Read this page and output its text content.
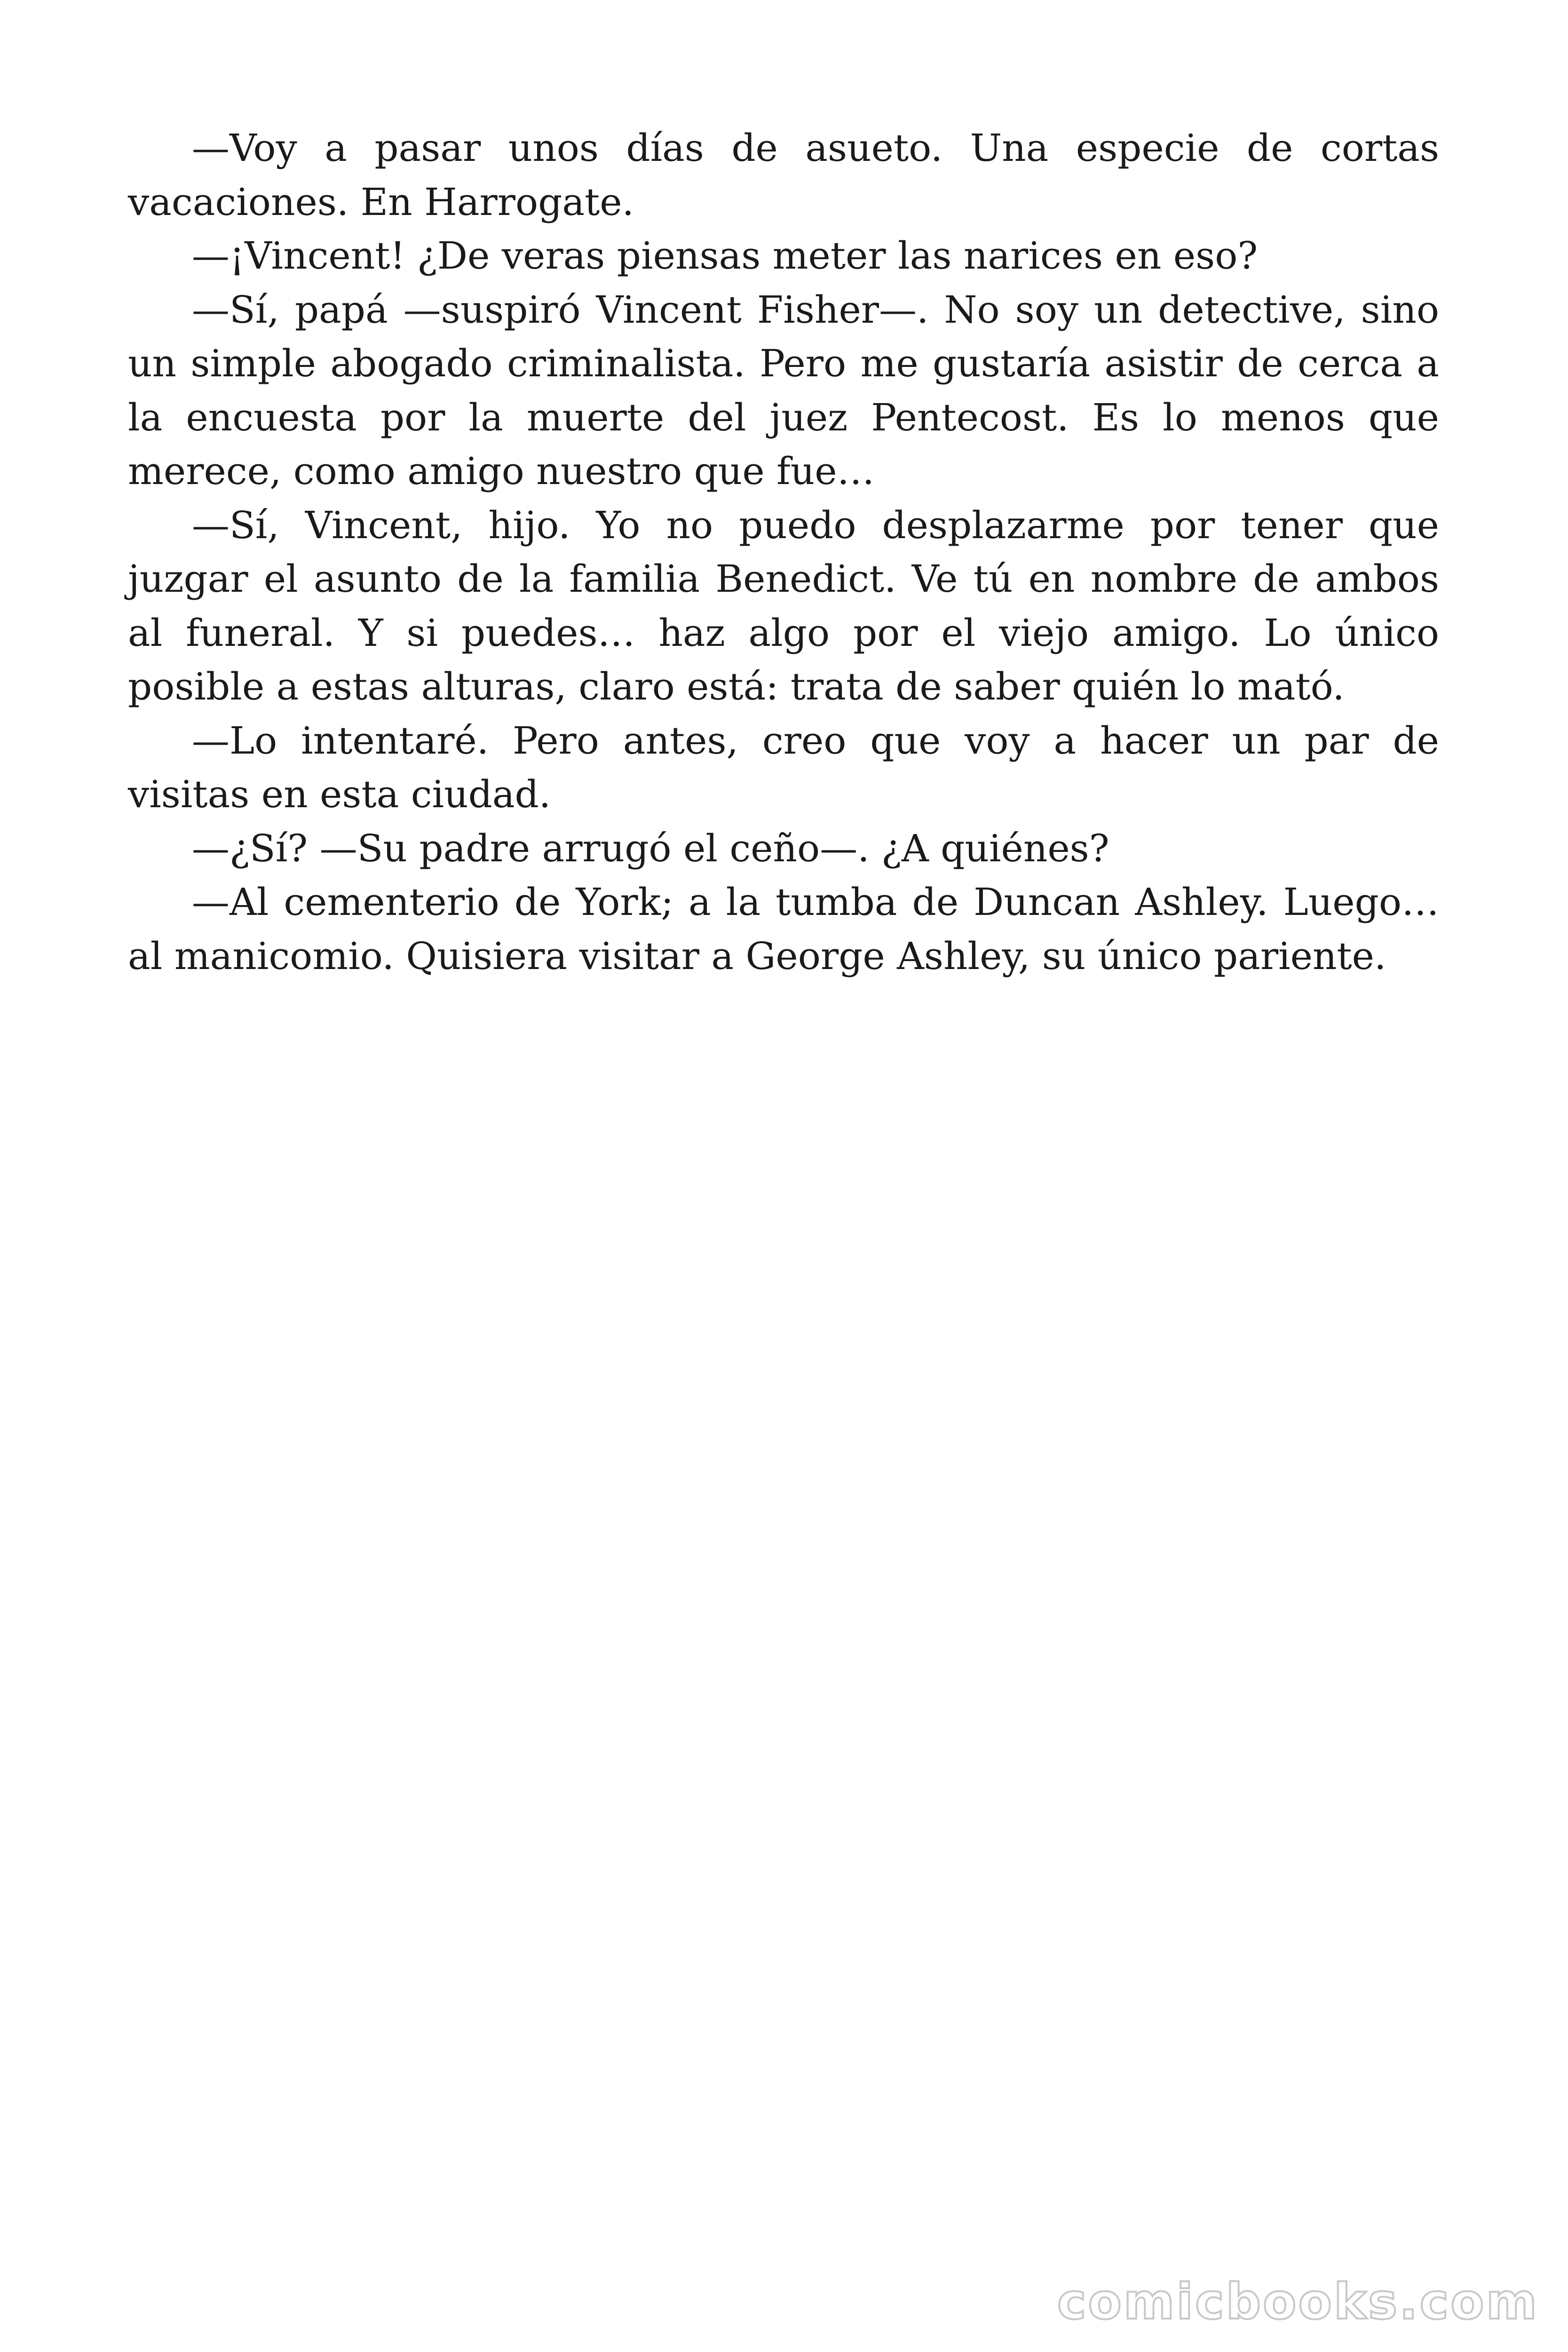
—Voy a pasar unos días de asueto. Una especie de cortas vacaciones. En Harrogate.

—¡Vincent! ¿De veras piensas meter las narices en eso?

—Sí, papá —suspiró Vincent Fisher—. No soy un detective, sino un simple abogado criminalista. Pero me gustaría asistir de cerca a la encuesta por la muerte del juez Pentecost. Es lo menos que merece, como amigo nuestro que fue…

—Sí, Vincent, hijo. Yo no puedo desplazarme por tener que juzgar el asunto de la familia Benedict. Ve tú en nombre de ambos al funeral. Y si puedes… haz algo por el viejo amigo. Lo único posible a estas alturas, claro está: trata de saber quién lo mató.

—Lo intentaré. Pero antes, creo que voy a hacer un par de visitas en esta ciudad.

—¿Sí? —Su padre arrugó el ceño—. ¿A quiénes?

—Al cementerio de York; a la tumba de Duncan Ashley. Luego… al manicomio. Quisiera visitar a George Ashley, su único pariente.

comicbooks.com
